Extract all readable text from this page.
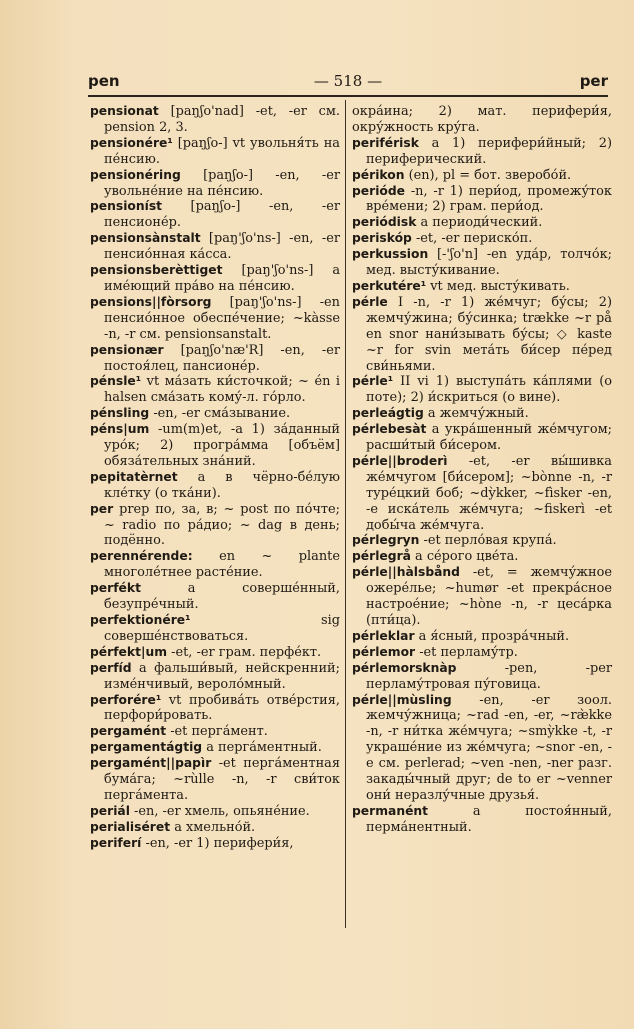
pen	— 518 —	per

pensionat [paŋʃo'nad] -et, -er см. pension 2, 3.

pensionére¹ [paŋʃo-] vt увольня́ть на пе́нсию.

pensionéring [paŋʃo-] -en, -er увольне́ние на пе́нсию.

pensioníst [paŋʃo-] -en, -er пенсионе́р.

pensionsànstalt [paŋ'ʃo'ns-] -en, -er пенсио́нная ка́сса.

pensionsberèttiget [paŋ'ʃo'ns-] a име́ющий пра́во на пе́нсию.

pensions||fòrsorg [paŋ'ʃo'ns-] -en пенсио́нное обеспе́чение; ~kàsse -n, -r см. pensionsanstalt.

pensionær [paŋʃo'næ'R] -en, -er постоя́лец, пансионе́р.

pénsle¹ vt ма́зать ки́сточкой; ~ én i halsen сма́зать кому́-л. го́рло.

pénsling -en, -er сма́зывание.

péns|um -um(m)et, -a 1) за́данный уро́к; 2) програ́мма [объём] обяза́тельных зна́ний.

pepitatèrnet a в чёрно-бе́лую кле́тку (о тка́ни).

per prep по, за, в; ~ post по по́чте; ~ radio по ра́дио; ~ dag в день; подённо.

perennérende: en ~ plante многоле́тнее расте́ние.

perfékt	a соверше́нный, безупре́чный.

perfektionére¹	sig соверше́нствоваться.

pérfekt|um -et, -er грам. перфе́кт.

perfíd a фальши́вый, нейскренний; изме́нчивый, вероло́мный.

perforére¹ vt пробива́ть отве́рстия, перфори́ровать.

pergamént -et перга́мент.

pergamentágtig a перга́ментный.

pergamént||papìr -et перга́ментная бума́га; ~rùlle -n, -r сви́ток перга́мента.

periál -en, -er хмель, опьяне́ние.

perialiséret a хмельно́й.

periferí -en, -er 1) перифери́я,

окра́ина; 2) мат. перифери́я, окру́жность кру́га.

periférisk a 1) перифери́йный; 2) периферический.

périkon (en), pl = бот. зверобо́й.

perióde -n, -r 1) пери́од, промежу́ток вре́мени; 2) грам. пери́од.

periódisk a периоди́ческий.

periskóp -et, -er периско́п.

perkussion [-'ʃo'n] -en уда́р, толчо́к; мед. высту́кивание.

perkutére¹ vt мед. высту́кивать.

pérle I -n, -r 1) же́мчуг; бу́сы; 2) жемчу́жина; бу́синка; trække ~r på en snor нани́зывать бу́сы; ◇ kaste ~r for svin мета́ть би́сер пе́ред сви́ньями.

pérle¹ II vi 1) выступа́ть ка́плями (о поте); 2) и́скриться (о вине).

perleágtig a жемчу́жный.

pérlebesàt a укра́шенный же́мчугом; расши́тый би́сером.

pérle||broderì -et, -er вы́шивка же́мчугом [би́сером]; ~bònne -n, -r туре́цкий боб; ~dỳkker, ~fìsker -en, -e иска́тель же́мчуга; ~fiskerì -et добы́ча же́мчуга.

pérlegryn -et перло́вая крупа́.

pérlegrå a се́рого цве́та.

pérle||hàlsbånd -et, = жемчу́жное ожере́лье; ~humør -et прекра́сное настрое́ние; ~hòne -n, -r цеса́рка (пти́ца).

pérleklar a я́сный, прозра́чный.

pérlemor -et перламу́тр.

pérlemorsknàp	-pen, -per перламу́тровая пу́говица.

pérle||mùsling -en, -er зоол. жемчу́жница; ~rad -en, -er, ~ræ̀kke -n, -r ни́тка же́мчуга; ~smỳkke -t, -r украше́ние из же́мчуга; ~snor -en, -e см. perlerad; ~ven -nen, -ner разг. закады́чный друг; de to er ~venner они́ неразлу́чные друзья́.

permanént	a постоя́нный, перма́нентный.
